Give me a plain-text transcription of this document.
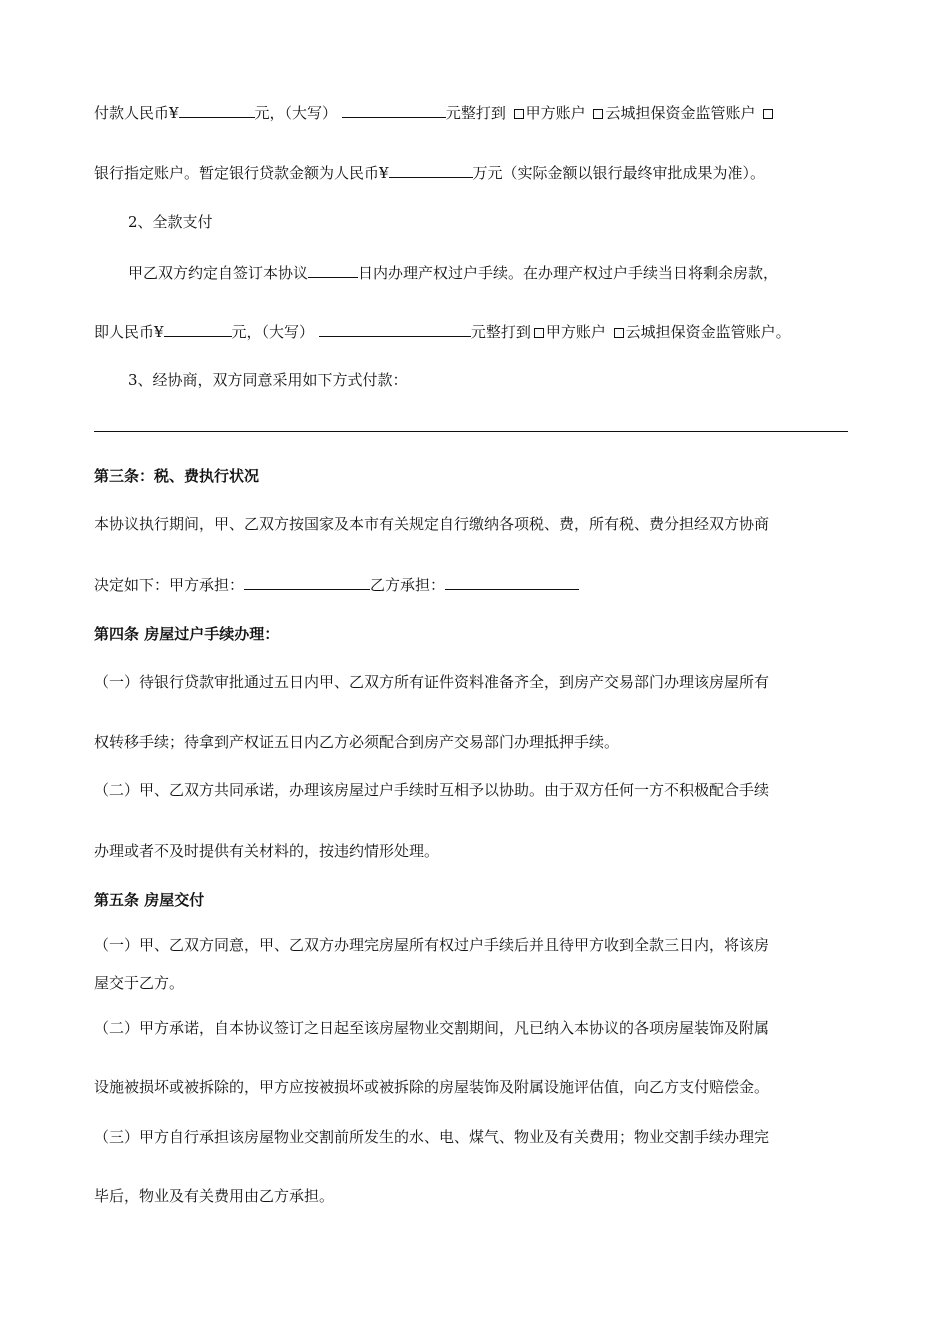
付款人民币¥	元，（大写）	元整打到 甲方账户 云城担保资金监管账户
银行指定账户。暂定银行贷款金额为人民币¥	万元（实际金额以银行最终审批成果为准）。
2、全款支付
甲乙双方约定自签订本协议	日内办理产权过户手续。在办理产权过户手续当日将剩余房款，
即人民币¥	元，（大写）	元整打到 甲方账户 云城担保资金监管账户。
3、经协商，双方同意采用如下方式付款：
第三条：税、费执行状况
本协议执行期间，甲、乙双方按国家及本市有关规定自行缴纳各项税、费，所有税、费分担经双方协商
决定如下：甲方承担：	乙方承担：
第四条 房屋过户手续办理：
（一）待银行贷款审批通过五日内甲、乙双方所有证件资料准备齐全，到房产交易部门办理该房屋所有
权转移手续；待拿到产权证五日内乙方必须配合到房产交易部门办理抵押手续。
（二）甲、乙双方共同承诺，办理该房屋过户手续时互相予以协助。由于双方任何一方不积极配合手续
办理或者不及时提供有关材料的，按违约情形处理。
第五条 房屋交付
（一）甲、乙双方同意，甲、乙双方办理完房屋所有权过户手续后并且待甲方收到全款三日内，将该房
屋交于乙方。
（二）甲方承诺，自本协议签订之日起至该房屋物业交割期间，凡已纳入本协议的各项房屋装饰及附属
设施被损坏或被拆除的，甲方应按被损坏或被拆除的房屋装饰及附属设施评估值，向乙方支付赔偿金。
（三）甲方自行承担该房屋物业交割前所发生的水、电、煤气、物业及有关费用；物业交割手续办理完
毕后，物业及有关费用由乙方承担。
